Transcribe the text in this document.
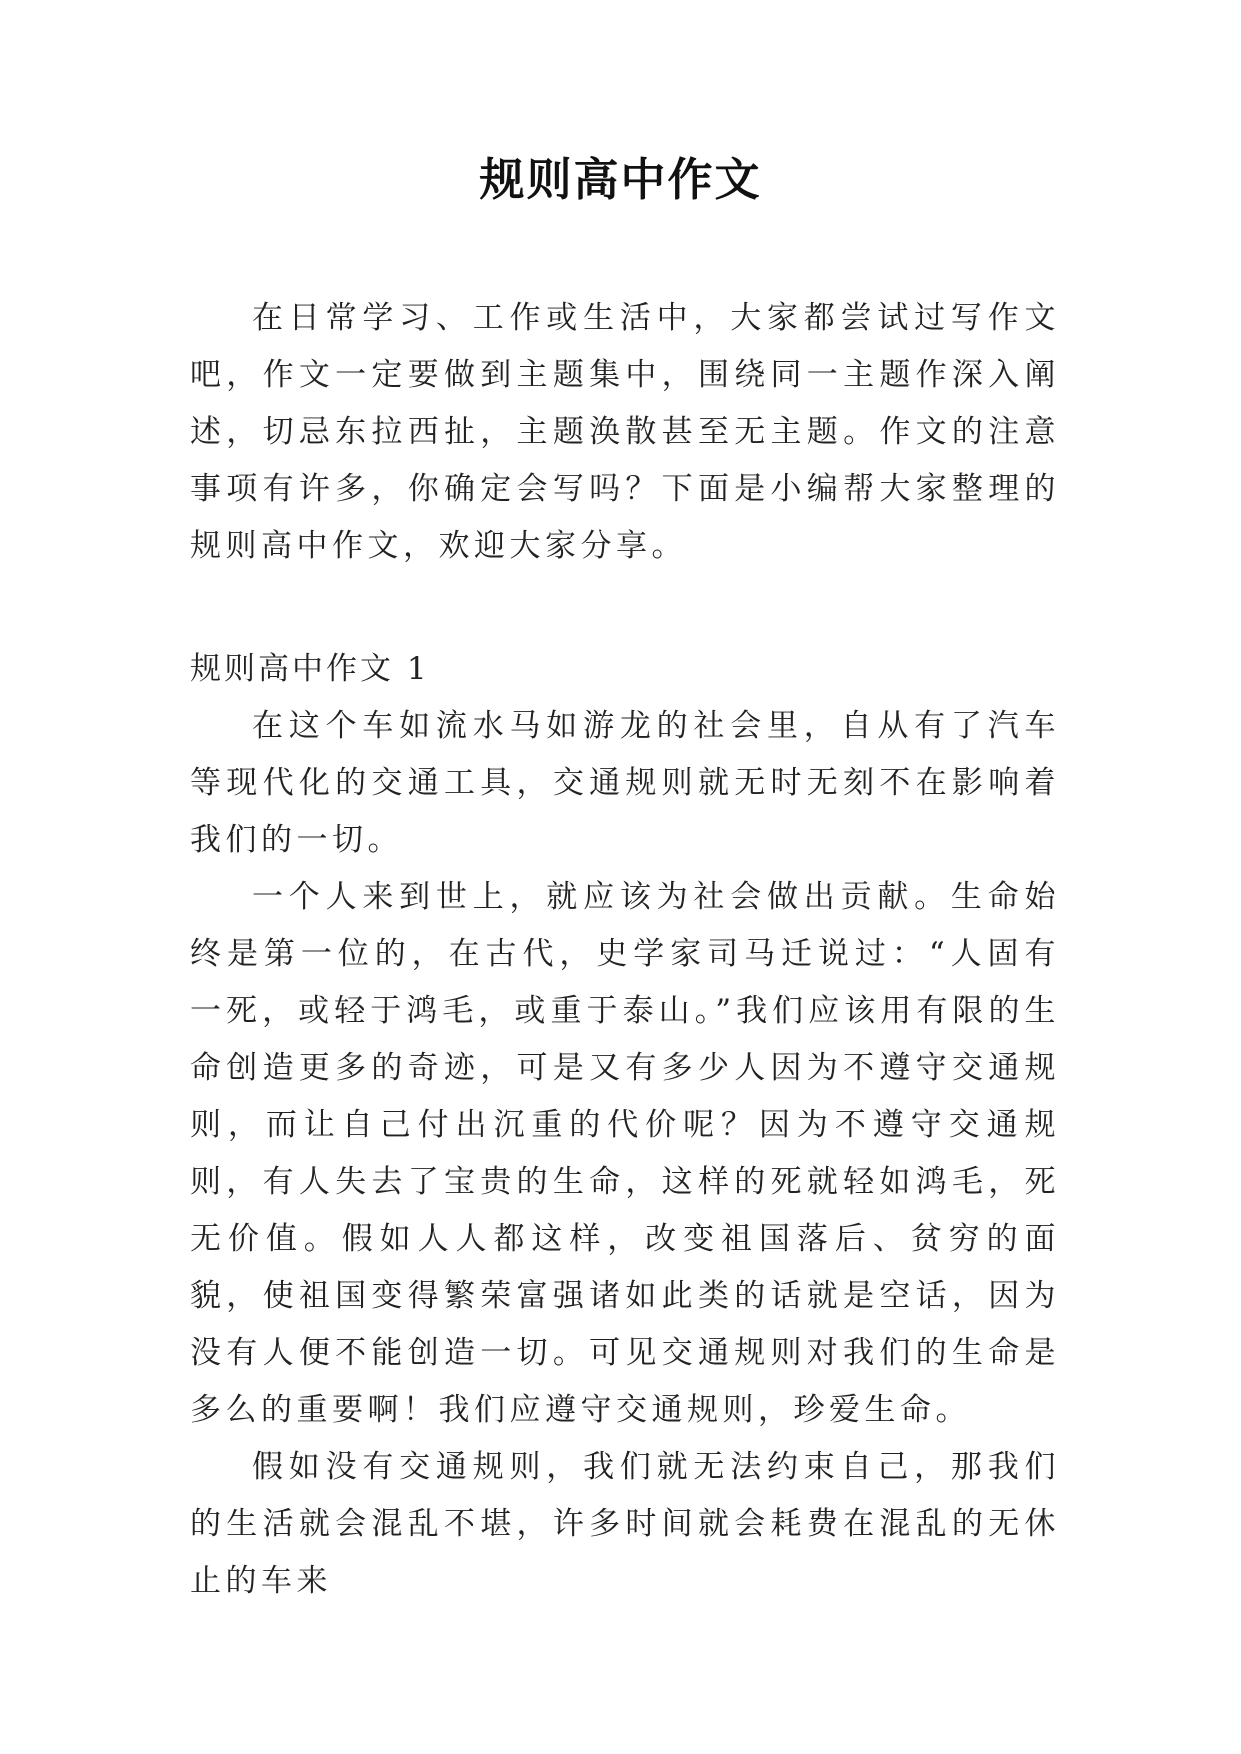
规则高中作文

在日常学习、工作或生活中，大家都尝试过写作文吧，作文一定要做到主题集中，围绕同一主题作深入阐述，切忌东拉西扯，主题涣散甚至无主题。作文的注意事项有许多，你确定会写吗？下面是小编帮大家整理的规则高中作文，欢迎大家分享。

规则高中作文 1

在这个车如流水马如游龙的社会里，自从有了汽车等现代化的交通工具，交通规则就无时无刻不在影响着我们的一切。

一个人来到世上，就应该为社会做出贡献。生命始终是第一位的，在古代，史学家司马迁说过：“人固有一死，或轻于鸿毛，或重于泰山。”我们应该用有限的生命创造更多的奇迹，可是又有多少人因为不遵守交通规则，而让自己付出沉重的代价呢？因为不遵守交通规则，有人失去了宝贵的生命，这样的死就轻如鸿毛，死无价值。假如人人都这样，改变祖国落后、贫穷的面貌，使祖国变得繁荣富强诸如此类的话就是空话，因为没有人便不能创造一切。可见交通规则对我们的生命是多么的重要啊！我们应遵守交通规则，珍爱生命。

假如没有交通规则，我们就无法约束自己，那我们的生活就会混乱不堪，许多时间就会耗费在混乱的无休止的车来
